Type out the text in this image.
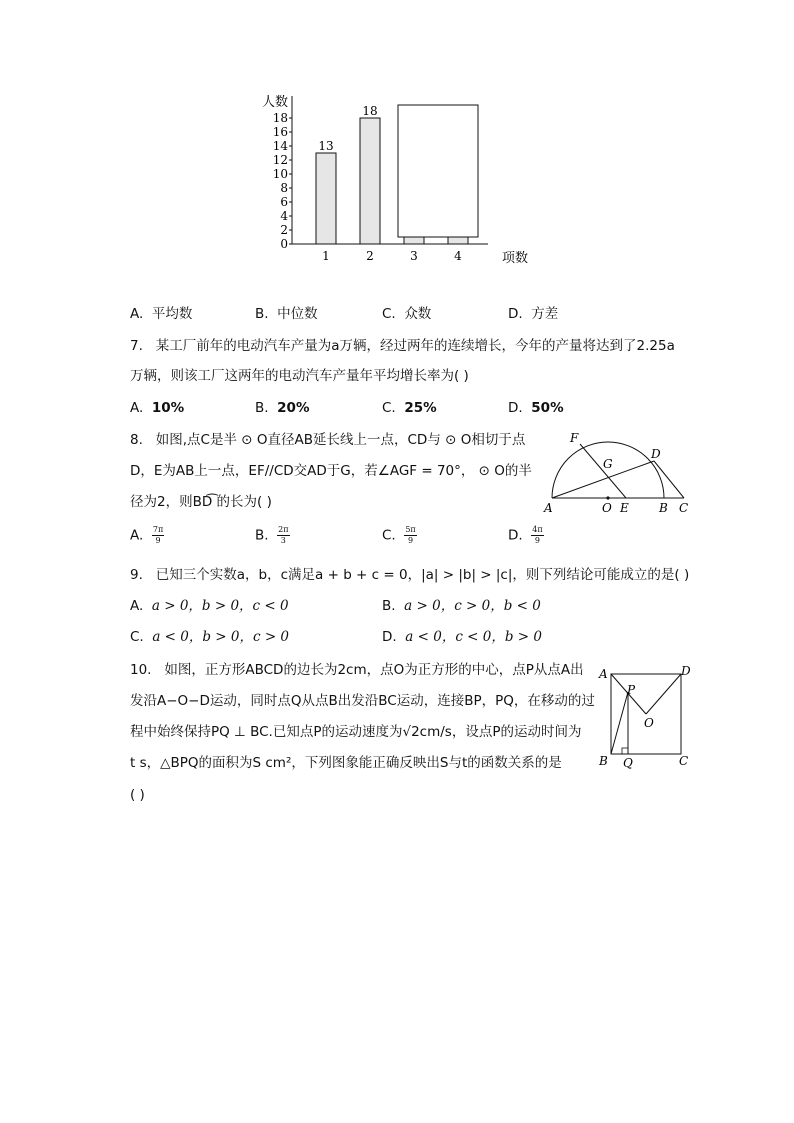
0
2
4
6
8
10
12
14
16
18
13
1
18
2	3	4
人数
项数
A. 平均数	B. 中位数	C. 众数	D. 方差
7. 某工厂前年的电动汽车产量为a万辆，经过两年的连续增长，今年的产量将达到了2.25a
万辆，则该工厂这两年的电动汽车产量年平均增长率为( )
A. 10%	B. 20%	C. 25%	D. 50%
8. 如图,点C是半 ⊙ O直径AB延长线上一点，CD与 ⊙ O相切于点
D，E为AB上一点，EF//CD交AD于G，若∠AGF = 70°， ⊙ O的半
径为2，则BD͡ 的长为( )
F
D
G
A	O E	B C
A. $\frac{7\pi}{9}$	B. $\frac{2\pi}{3}$	C. $\frac{5\pi}{9}$	D. $\frac{4\pi}{9}$
9. 已知三个实数a，b，c满足a + b + c = 0，|a| > |b| > |c|，则下列结论可能成立的是( )
A. a > 0，b > 0，c < 0	B. a > 0，c > 0，b < 0
C. a < 0，b > 0，c > 0	D. a < 0，c < 0，b > 0
10. 如图，正方形ABCD的边长为2cm，点O为正方形的中心，点P从点A出
发沿A−O−D运动，同时点Q从点B出发沿BC运动，连接BP，PQ，在移动的过
程中始终保持PQ ⊥ BC.已知点P的运动速度为√2cm/s，设点P的运动时间为
t s，△BPQ的面积为S cm²，下列图象能正确反映出S与t的函数关系的是
( )
A	D
P
O
B Q	C
